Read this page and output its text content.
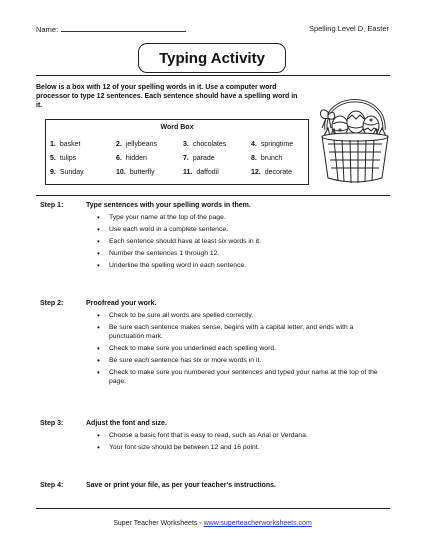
Name:	Spelling Level D, Easter
Typing Activity
Below is a box with 12 of your spelling words in it. Use a computer word processor to type 12 sentences. Each sentence should have a spelling word in it.
Word Box
1. basket	2. jellybeans	3. chocolates	4. springtime
5. tulips	6. hidden	7. parade	8. brunch
9. Sunday	10. butterfly	11. daffodil	12. decorate
Step 1:	Type sentences with your spelling words in them.
• Type your name at the top of the page.
• Use each word in a complete sentence.
• Each sentence should have at least six words in it.
• Number the sentences 1 through 12.
• Underline the spelling word in each sentence.
Step 2:	Proofread your work.
• Check to be sure all words are spelled correctly.
• Be sure each sentence makes sense, begins with a capital letter, and ends with a punctuation mark.
• Check to make sure you underlined each spelling word.
• Be sure each sentence has six or more words in it.
• Check to make sure you numbered your sentences and typed your name at the top of the page.
Step 3:	Adjust the font and size.
• Choose a basic font that is easy to read, such as Arial or Verdana.
• Your font size should be between 12 and 16 point.
Step 4:	Save or print your file, as per your teacher's instructions.
Super Teacher Worksheets - www.superteacherworksheets.com
